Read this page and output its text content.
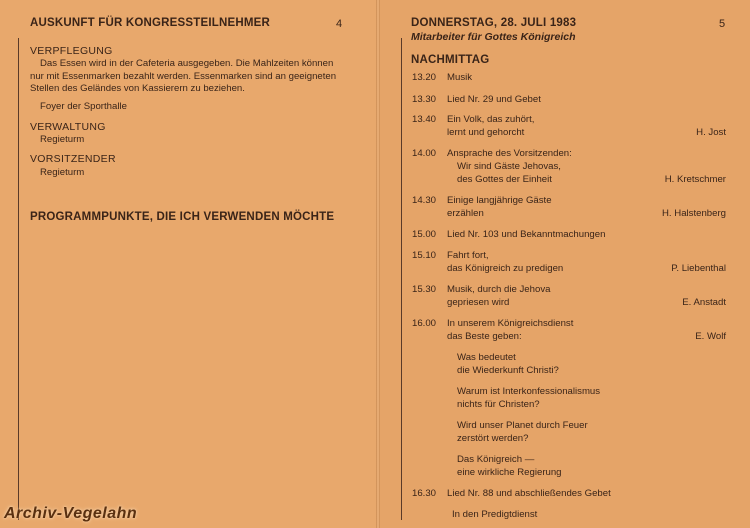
AUSKUNFT FÜR KONGRESSTEILNEHMER	4
VERPFLEGUNG
Das Essen wird in der Cafeteria ausgegeben. Die Mahlzeiten können
nur mit Essenmarken bezahlt werden. Essenmarken sind an geeigneten
Stellen des Geländes von Kassierern zu beziehen.
Foyer der Sporthalle
VERWALTUNG
Regieturm
VORSITZENDER
Regieturm
PROGRAMMPUNKTE, DIE ICH VERWENDEN MÖCHTE
DONNERSTAG, 28. JULI 1983	5
Mitarbeiter für Gottes Königreich
NACHMITTAG
13.20 Musik
13.30 Lied Nr. 29 und Gebet
13.40 Ein Volk, das zuhört,
lernt und gehorcht	H. Jost
14.00 Ansprache des Vorsitzenden:
Wir sind Gäste Jehovas,
des Gottes der Einheit	H. Kretschmer
14.30 Einige langjährige Gäste
erzählen	H. Halstenberg
15.00 Lied Nr. 103 und Bekanntmachungen
15.10 Fahrt fort,
das Königreich zu predigen	P. Liebenthal
15.30 Musik, durch die Jehova
gepriesen wird	E. Anstadt
16.00 In unserem Königreichsdienst
das Beste geben:	E. Wolf
Was bedeutet
die Wiederkunft Christi?
Warum ist Interkonfessionalismus
nichts für Christen?
Wird unser Planet durch Feuer
zerstört werden?
Das Königreich —
eine wirkliche Regierung
16.30 Lied Nr. 88 und abschließendes Gebet
In den Predigtdienst
Archiv-Vegelahn
